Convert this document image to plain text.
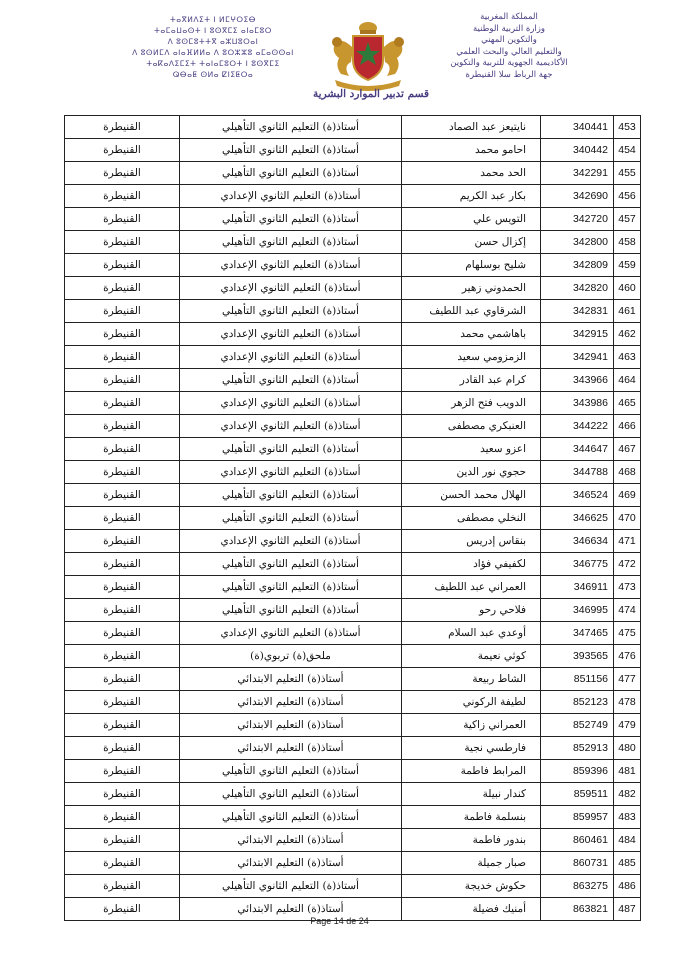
المملكة المغربية
وزارة التربية الوطنية
والتكوين المهني
والتعليم العالي والبحث العلمي
الأكاديمية الجهوية للتربية والتكوين
جهة الرباط سلا القنيطرة
ⵜⴰⴳⵍⴷⵉⵜ ⵏ ⵍⵎⵖⵔⵉⴱ
ⵜⴰⵎⴰⵡⴰⵙⵜ ⵏ ⵓⵙⴳⵎⵉ ⴰⵏⴰⵎⵓⵔ
ⴷ ⵓⵙⵎⵓⵜⵜⴳ ⴰⵣⵡⵓⵔⴰⵏ
ⴷ ⵓⵙⵍⵎⴷ ⴰⵏⴰⴼⵍⵍⴰ ⴷ ⵓⵔⵣⵣⵓ ⴰⵎⴰⵙⵙⴰⵏ
ⵜⴰⴽⴰⴷⵉⵎⵉⵜ ⵜⴰⵏⴰⵎⵓⵔⵜ ⵏ ⵓⵙⴳⵎⵉ
ⵕⴱⴰⵟ ⵙⵍⴰ ⵇⵏⵉⵟⵔⴰ
قسم تدبير الموارد البشرية
القنيطرة	أستاذ(ة) التعليم الثانوي التأهيلي	نايتيعز عبد الصماد	340441	453
القنيطرة	أستاذ(ة) التعليم الثانوي التأهيلي	احامو محمد	340442	454
القنيطرة	أستاذ(ة) التعليم الثانوي التأهيلي	الحد محمد	342291	455
القنيطرة	أستاذ(ة) التعليم الثانوي الإعدادي	بكار عبد الكريم	342690	456
القنيطرة	أستاذ(ة) التعليم الثانوي التأهيلي	التويس علي	342720	457
القنيطرة	أستاذ(ة) التعليم الثانوي التأهيلي	إكزال حسن	342800	458
القنيطرة	أستاذ(ة) التعليم الثانوي الإعدادي	شليح بوسلهام	342809	459
القنيطرة	أستاذ(ة) التعليم الثانوي الإعدادي	الحمدوني زهير	342820	460
القنيطرة	أستاذ(ة) التعليم الثانوي التأهيلي	الشرقاوي عبد اللطيف	342831	461
القنيطرة	أستاذ(ة) التعليم الثانوي الإعدادي	باهاشمي محمد	342915	462
القنيطرة	أستاذ(ة) التعليم الثانوي الإعدادي	الزمزومي سعيد	342941	463
القنيطرة	أستاذ(ة) التعليم الثانوي التأهيلي	كرام عبد القادر	343966	464
القنيطرة	أستاذ(ة) التعليم الثانوي الإعدادي	الدويب فتح الزهر	343986	465
القنيطرة	أستاذ(ة) التعليم الثانوي الإعدادي	العنبكري مصطفى	344222	466
القنيطرة	أستاذ(ة) التعليم الثانوي التأهيلي	اعزو سعيد	344647	467
القنيطرة	أستاذ(ة) التعليم الثانوي الإعدادي	حجوي نور الدين	344788	468
القنيطرة	أستاذ(ة) التعليم الثانوي التأهيلي	الهلال محمد الحسن	346524	469
القنيطرة	أستاذ(ة) التعليم الثانوي التأهيلي	النخلي مصطفى	346625	470
القنيطرة	أستاذ(ة) التعليم الثانوي الإعدادي	بنقاس إدريس	346634	471
القنيطرة	أستاذ(ة) التعليم الثانوي التأهيلي	لكفيفي فؤاد	346775	472
القنيطرة	أستاذ(ة) التعليم الثانوي التأهيلي	العمراني عبد اللطيف	346911	473
القنيطرة	أستاذ(ة) التعليم الثانوي التأهيلي	فلاحي رحو	346995	474
القنيطرة	أستاذ(ة) التعليم الثانوي الإعدادي	أوعدي عبد السلام	347465	475
القنيطرة	ملحق(ة) تربوي(ة)	كوثي نعيمة	393565	476
القنيطرة	أستاذ(ة) التعليم الابتدائي	الشاط ربيعة	851156	477
القنيطرة	أستاذ(ة) التعليم الابتدائي	لطيفة الركوني	852123	478
القنيطرة	أستاذ(ة) التعليم الابتدائي	العمراني زاكية	852749	479
القنيطرة	أستاذ(ة) التعليم الابتدائي	فارطسي نجية	852913	480
القنيطرة	أستاذ(ة) التعليم الثانوي التأهيلي	المرابط فاطمة	859396	481
القنيطرة	أستاذ(ة) التعليم الثانوي التأهيلي	كندار نبيلة	859511	482
القنيطرة	أستاذ(ة) التعليم الثانوي التأهيلي	بنسلمة فاطمة	859957	483
القنيطرة	أستاذ(ة) التعليم الابتدائي	بندور فاطمة	860461	484
القنيطرة	أستاذ(ة) التعليم الابتدائي	صبار جميلة	860731	485
القنيطرة	أستاذ(ة) التعليم الثانوي التأهيلي	حكوش خديجة	863275	486
القنيطرة	أستاذ(ة) التعليم الابتدائي	أمنيك فضيلة	863821	487
Page 14 de 24
